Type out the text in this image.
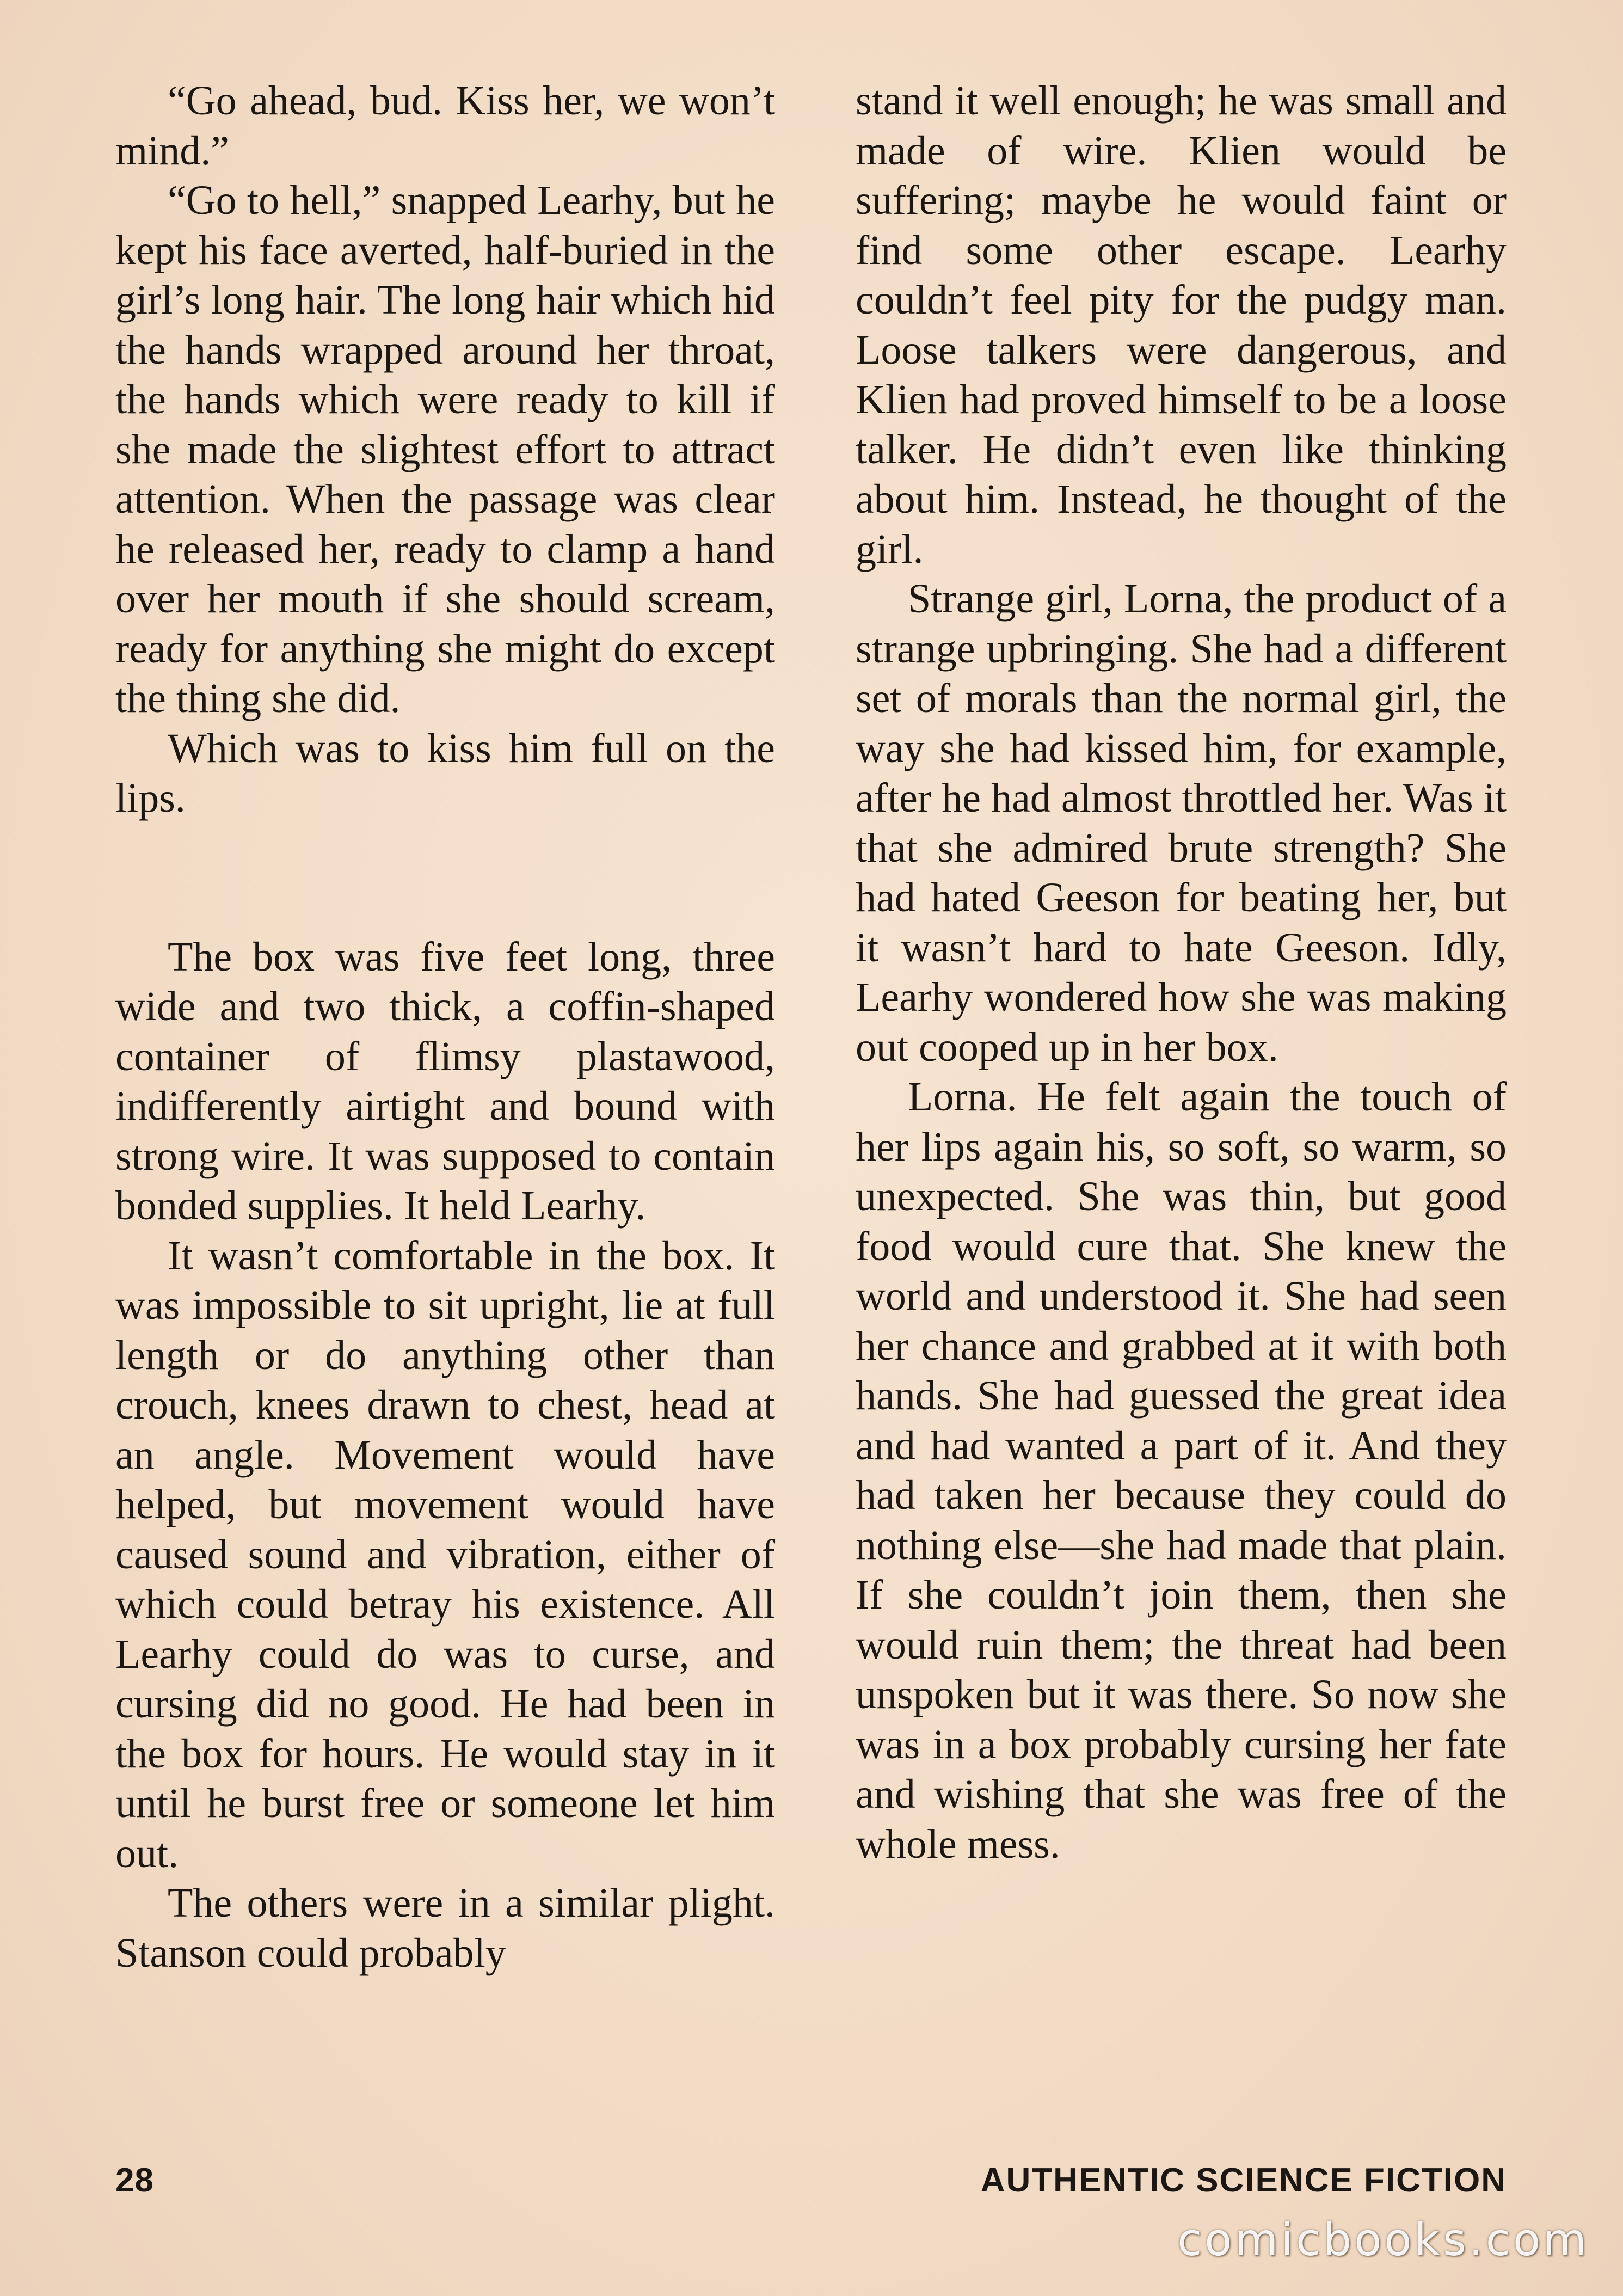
“Go ahead, bud. Kiss her, we won’t mind.”

“Go to hell,” snapped Learhy, but he kept his face averted, half-buried in the girl’s long hair. The long hair which hid the hands wrapped around her throat, the hands which were ready to kill if she made the slightest effort to attract attention. When the passage was clear he released her, ready to clamp a hand over her mouth if she should scream, ready for anything she might do except the thing she did.

Which was to kiss him full on the lips.

The box was five feet long, three wide and two thick, a coffin-shaped container of flimsy plastawood, indifferently airtight and bound with strong wire. It was supposed to contain bonded supplies. It held Learhy.

It wasn’t comfortable in the box. It was impossible to sit upright, lie at full length or do anything other than crouch, knees drawn to chest, head at an angle. Movement would have helped, but movement would have caused sound and vibration, either of which could betray his existence. All Learhy could do was to curse, and cursing did no good. He had been in the box for hours. He would stay in it until he burst free or someone let him out.

The others were in a similar plight. Stanson could probably

stand it well enough; he was small and made of wire. Klien would be suffering; maybe he would faint or find some other escape. Learhy couldn’t feel pity for the pudgy man. Loose talkers were dangerous, and Klien had proved himself to be a loose talker. He didn’t even like thinking about him. Instead, he thought of the girl.

Strange girl, Lorna, the product of a strange upbringing. She had a different set of morals than the normal girl, the way she had kissed him, for example, after he had almost throttled her. Was it that she admired brute strength? She had hated Geeson for beating her, but it wasn’t hard to hate Geeson. Idly, Learhy wondered how she was making out cooped up in her box.

Lorna. He felt again the touch of her lips again his, so soft, so warm, so unexpected. She was thin, but good food would cure that. She knew the world and understood it. She had seen her chance and grabbed at it with both hands. She had guessed the great idea and had wanted a part of it. And they had taken her because they could do nothing else—she had made that plain. If she couldn’t join them, then she would ruin them; the threat had been unspoken but it was there. So now she was in a box probably cursing her fate and wishing that she was free of the whole mess.

28	AUTHENTIC SCIENCE FICTION
comicbooks.com
